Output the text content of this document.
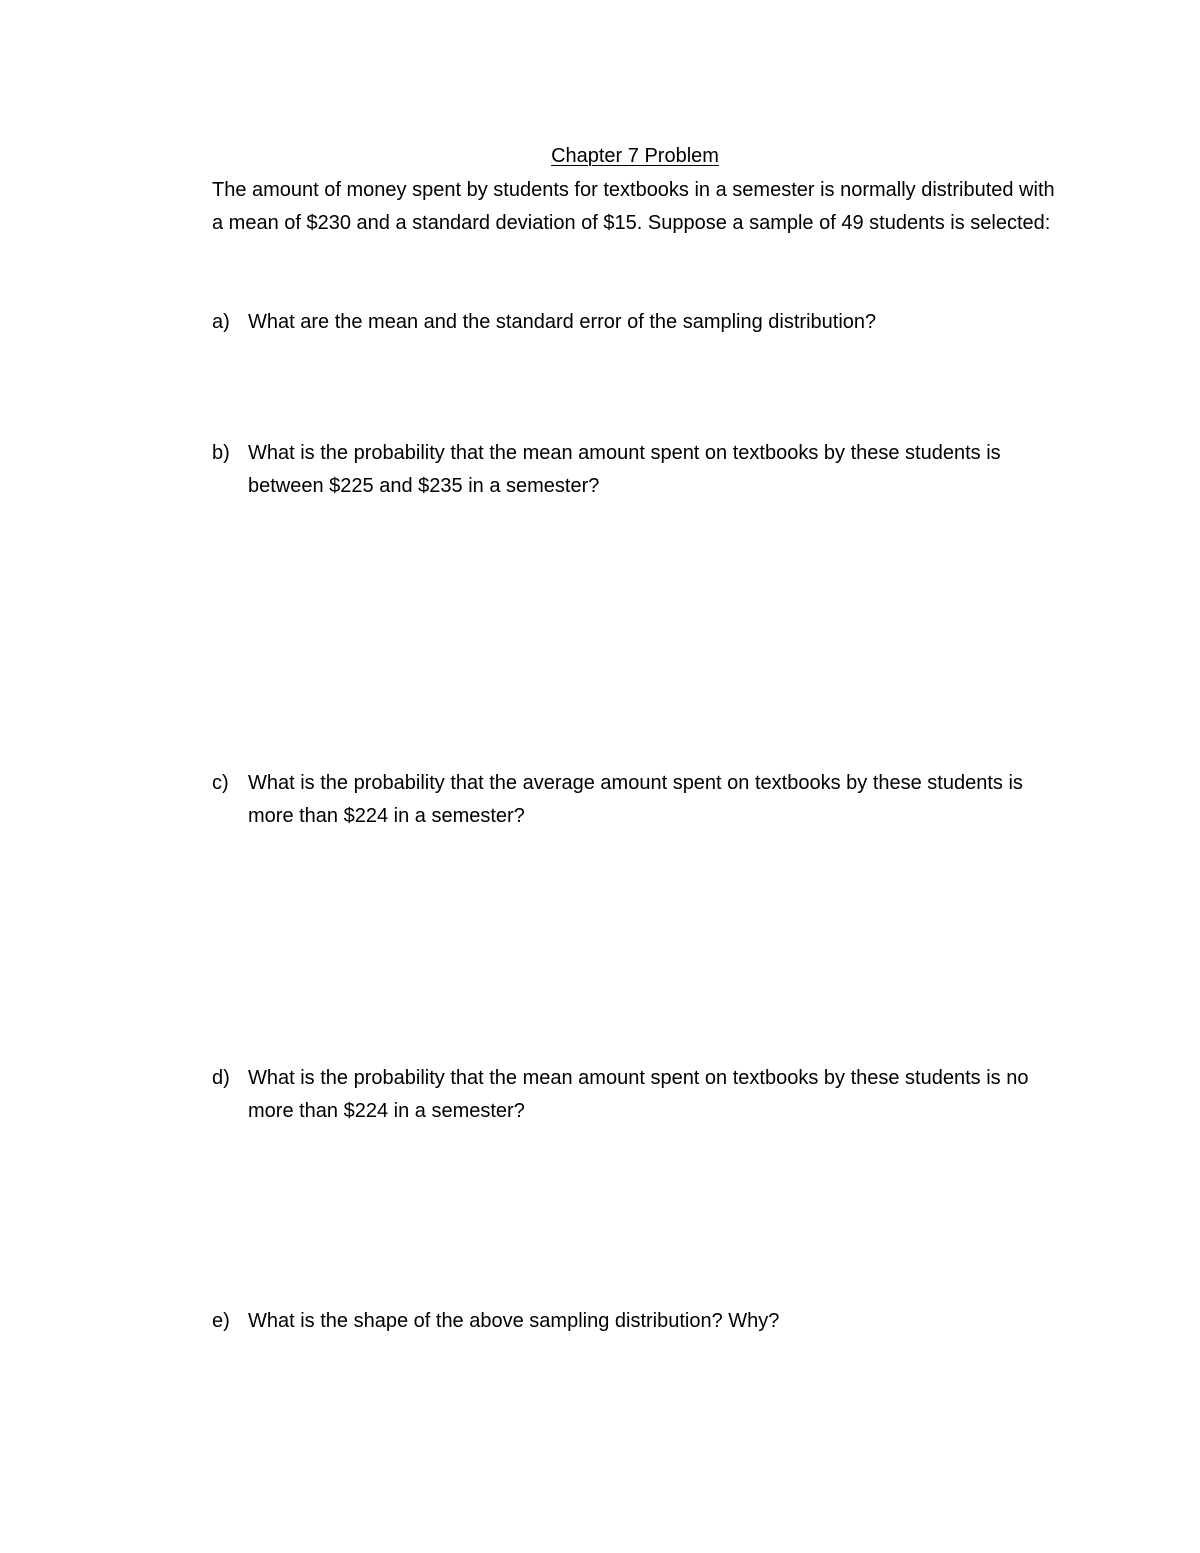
Chapter 7 Problem
The amount of money spent by students for textbooks in a semester is normally distributed with a mean of $230 and a standard deviation of $15. Suppose a sample of 49 students is selected:
a) What are the mean and the standard error of the sampling distribution?
b) What is the probability that the mean amount spent on textbooks by these students is between $225 and $235 in a semester?
c) What is the probability that the average amount spent on textbooks by these students is more than $224 in a semester?
d) What is the probability that the mean amount spent on textbooks by these students is no more than $224 in a semester?
e) What is the shape of the above sampling distribution? Why?
